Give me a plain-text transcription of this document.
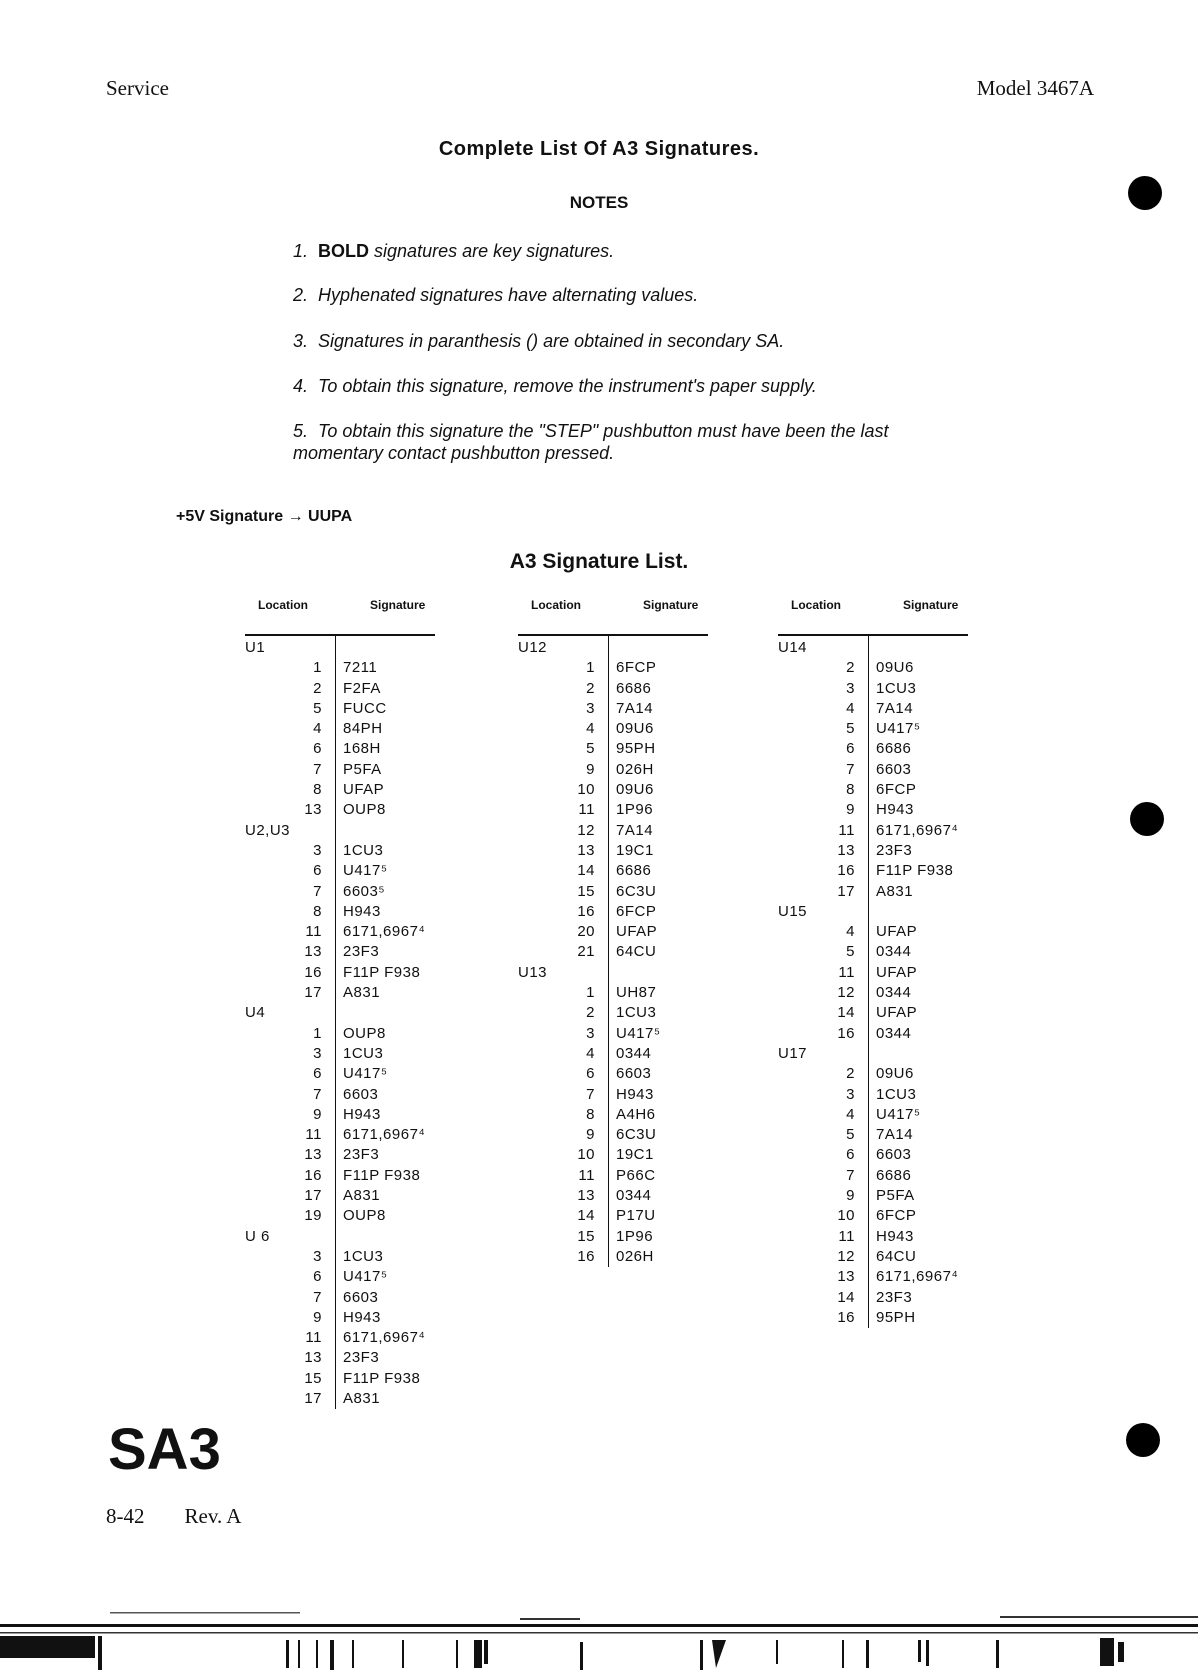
Service	Model 3467A
Complete List Of A3 Signatures.
NOTES
1. BOLD signatures are key signatures.
2. Hyphenated signatures have alternating values.
3. Signatures in paranthesis () are obtained in secondary SA.
4. To obtain this signature, remove the instrument's paper supply.
5. To obtain this signature the "STEP" pushbutton must have been the last momentary contact pushbutton pressed.
+5V Signature → UUPA
A3 Signature List.
Location	Signature
U1
1 7211
2 F2FA
5 FUCC
4 84PH
6 168H
7 P5FA
8 UFAP
13 OUP8
U2,U3
3 1CU3
6 U417⁵
7 6603⁵
8 H943
11 6171,6967⁴
13 23F3
16 F11P F938
17 A831
U4
1 OUP8
3 1CU3
6 U417⁵
7 6603
9 H943
11 6171,6967⁴
13 23F3
16 F11P F938
17 A831
19 OUP8
U 6
3 1CU3
6 U417⁵
7 6603
9 H943
11 6171,6967⁴
13 23F3
15 F11P F938
17 A831
Location	Signature
U12
1 6FCP
2 6686
3 7A14
4 09U6
5 95PH
9 026H
10 09U6
11 1P96
12 7A14
13 19C1
14 6686
15 6C3U
16 6FCP
20 UFAP
21 64CU
U13
1 UH87
2 1CU3
3 U417⁵
4 0344
6 6603
7 H943
8 A4H6
9 6C3U
10 19C1
11 P66C
13 0344
14 P17U
15 1P96
16 026H
Location	Signature
U14
2 09U6
3 1CU3
4 7A14
5 U417⁵
6 6686
7 6603
8 6FCP
9 H943
11 6171,6967⁴
13 23F3
16 F11P F938
17 A831
U15
4 UFAP
5 0344
11 UFAP
12 0344
14 UFAP
16 0344
U17
2 09U6
3 1CU3
4 U417⁵
5 7A14
6 6603
7 6686
9 P5FA
10 6FCP
11 H943
12 64CU
13 6171,6967⁴
14 23F3
16 95PH
SA3
8-42 Rev. A
